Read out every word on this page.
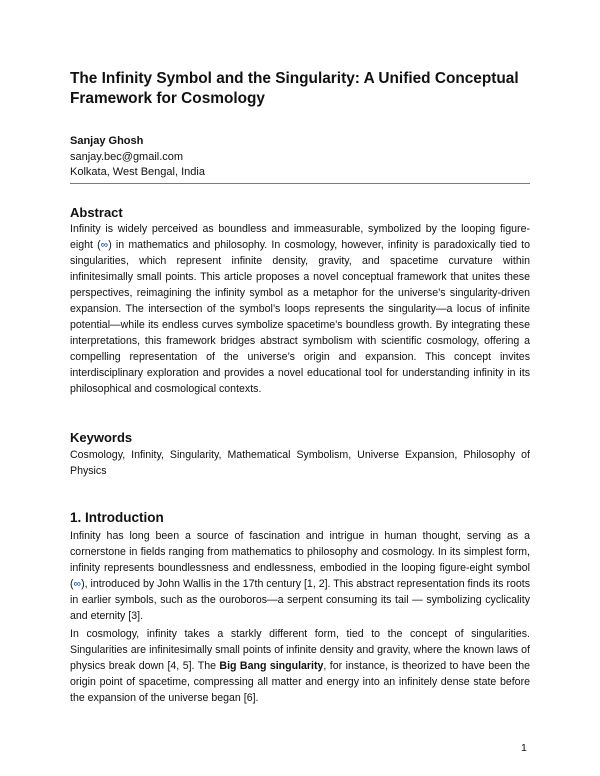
The Infinity Symbol and the Singularity: A Unified Conceptual Framework for Cosmology
Sanjay Ghosh
sanjay.bec@gmail.com
Kolkata, West Bengal, India
Abstract

Infinity is widely perceived as boundless and immeasurable, symbolized by the looping figure-eight (∞) in mathematics and philosophy. In cosmology, however, infinity is paradoxically tied to singularities, which represent infinite density, gravity, and spacetime curvature within infinitesimally small points. This article proposes a novel conceptual framework that unites these perspectives, reimagining the infinity symbol as a metaphor for the universe’s singularity-driven expansion. The intersection of the symbol’s loops represents the singularity—a locus of infinite potential—while its endless curves symbolize spacetime’s boundless growth. By integrating these interpretations, this framework bridges abstract symbolism with scientific cosmology, offering a compelling representation of the universe’s origin and expansion. This concept invites interdisciplinary exploration and provides a novel educational tool for understanding infinity in its philosophical and cosmological contexts.

Keywords

Cosmology, Infinity, Singularity, Mathematical Symbolism, Universe Expansion, Philosophy of Physics

1. Introduction

Infinity has long been a source of fascination and intrigue in human thought, serving as a cornerstone in fields ranging from mathematics to philosophy and cosmology. In its simplest form, infinity represents boundlessness and endlessness, embodied in the looping figure-eight symbol (∞), introduced by John Wallis in the 17th century [1, 2]. This abstract representation finds its roots in earlier symbols, such as the ouroboros—a serpent consuming its tail — symbolizing cyclicality and eternity [3].

In cosmology, infinity takes a starkly different form, tied to the concept of singularities. Singularities are infinitesimally small points of infinite density and gravity, where the known laws of physics break down [4, 5]. The Big Bang singularity, for instance, is theorized to have been the origin point of spacetime, compressing all matter and energy into an infinitely dense state before the expansion of the universe began [6].

1
